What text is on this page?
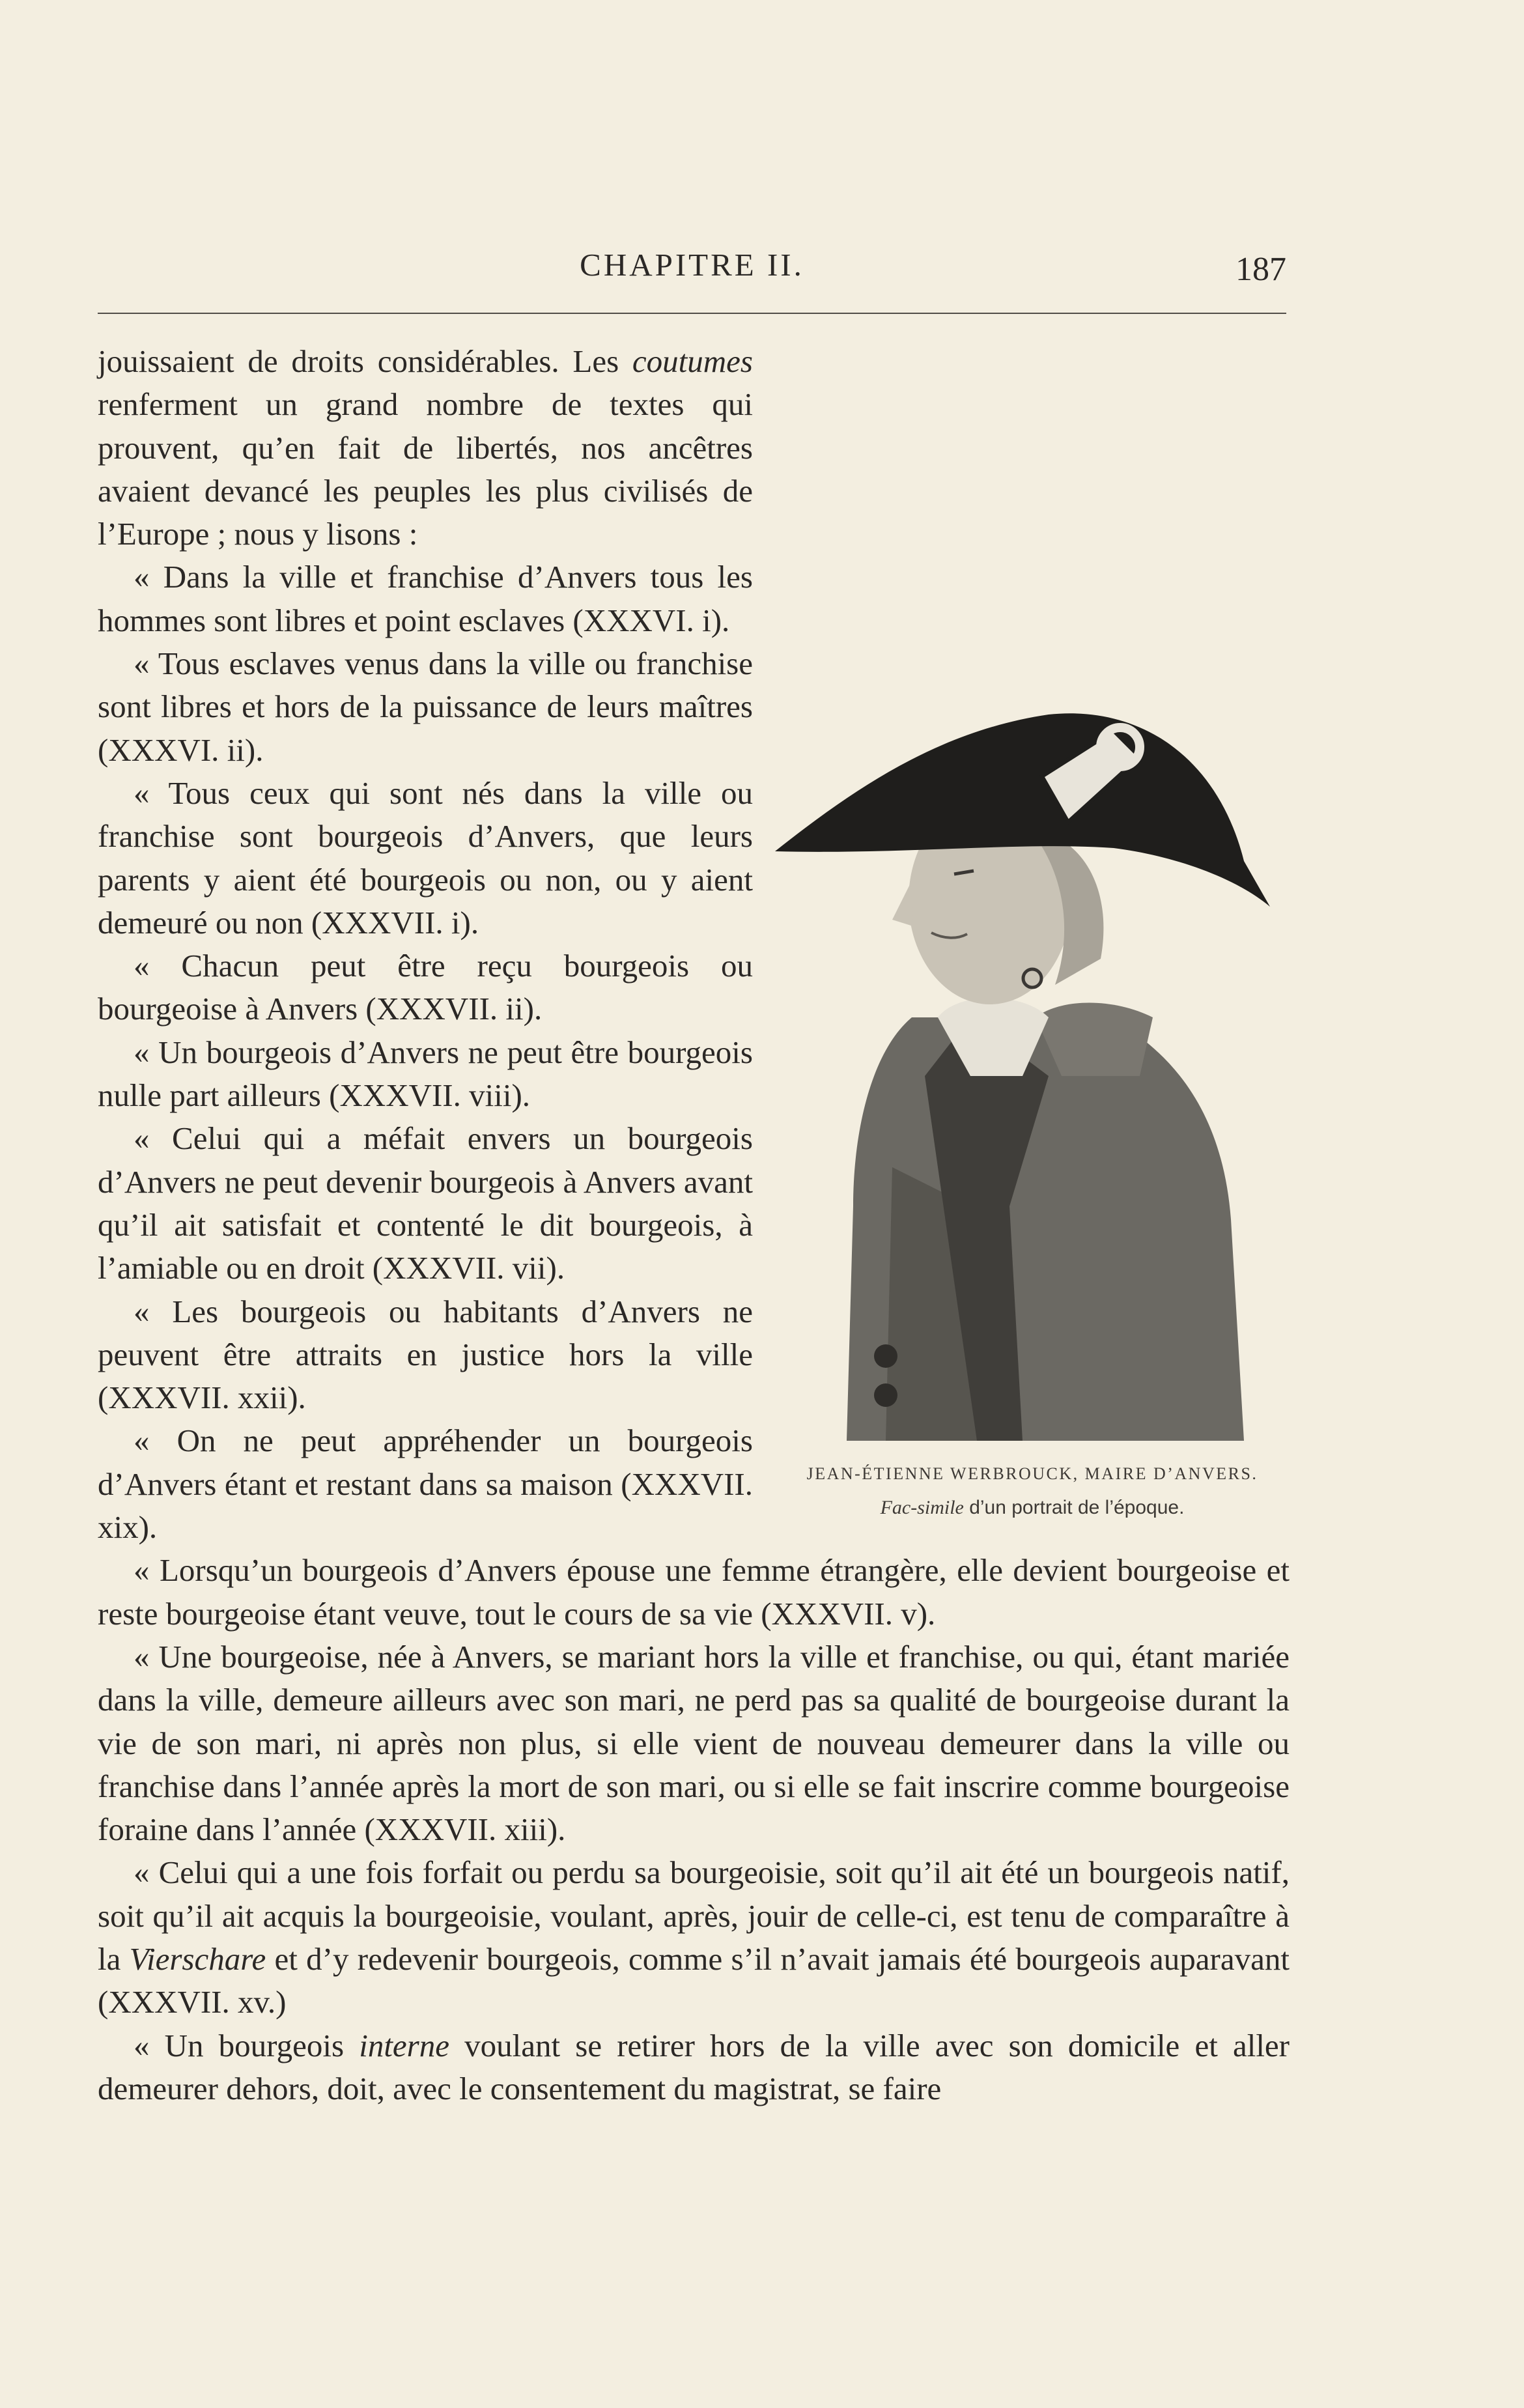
CHAPITRE II.	187
JEAN-ÉTIENNE WERBROUCK, MAIRE D’ANVERS.
Fac-simile d’un portrait de l’époque.

jouissaient de droits considérables. Les coutumes renferment un grand nombre de textes qui prouvent, qu’en fait de libertés, nos ancêtres avaient devancé les peuples les plus civilisés de l’Europe ; nous y lisons :

« Dans la ville et franchise d’Anvers tous les hommes sont libres et point esclaves (XXXVI. i).

« Tous esclaves venus dans la ville ou franchise sont libres et hors de la puissance de leurs maîtres (XXXVI. ii).

« Tous ceux qui sont nés dans la ville ou franchise sont bourgeois d’Anvers, que leurs parents y aient été bourgeois ou non, ou y aient demeuré ou non (XXXVII. i).

« Chacun peut être reçu bourgeois ou bourgeoise à Anvers (XXXVII. ii).

« Un bourgeois d’Anvers ne peut être bourgeois nulle part ailleurs (XXXVII. viii).

« Celui qui a méfait envers un bourgeois d’Anvers ne peut devenir bourgeois à Anvers avant qu’il ait satisfait et contenté le dit bourgeois, à l’amiable ou en droit (XXXVII. vii).

« Les bourgeois ou habitants d’Anvers ne peuvent être attraits en justice hors la ville (XXXVII. xxii).

« On ne peut appréhender un bourgeois d’Anvers étant et restant dans sa maison (XXXVII. xix).

« Lorsqu’un bourgeois d’Anvers épouse une femme étrangère, elle devient bourgeoise et reste bourgeoise étant veuve, tout le cours de sa vie (XXXVII. v).

« Une bourgeoise, née à Anvers, se mariant hors la ville et franchise, ou qui, étant mariée dans la ville, demeure ailleurs avec son mari, ne perd pas sa qualité de bourgeoise durant la vie de son mari, ni après non plus, si elle vient de nouveau demeurer dans la ville ou franchise dans l’année après la mort de son mari, ou si elle se fait inscrire comme bourgeoise foraine dans l’année (XXXVII. xiii).

« Celui qui a une fois forfait ou perdu sa bourgeoisie, soit qu’il ait été un bourgeois natif, soit qu’il ait acquis la bourgeoisie, voulant, après, jouir de celle-ci, est tenu de comparaître à la Vierschare et d’y redevenir bourgeois, comme s’il n’avait jamais été bourgeois auparavant (XXXVII. xv.)

« Un bourgeois interne voulant se retirer hors de la ville avec son domicile et aller demeurer dehors, doit, avec le consentement du magistrat, se faire
